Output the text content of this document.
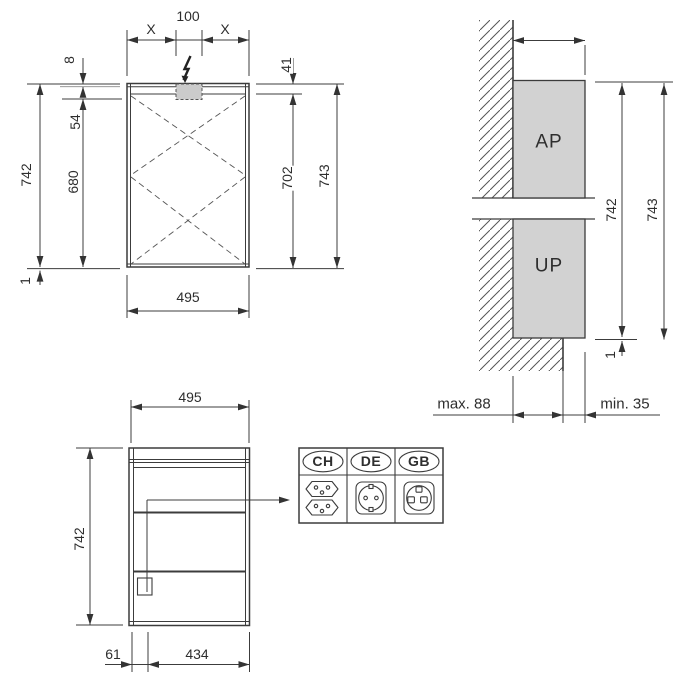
100
X	X
8
742
54
680
1
41
702 743
495
AP
UP
742 743
1
max. 88	min. 35
495
742
61	434
CH DE GB
